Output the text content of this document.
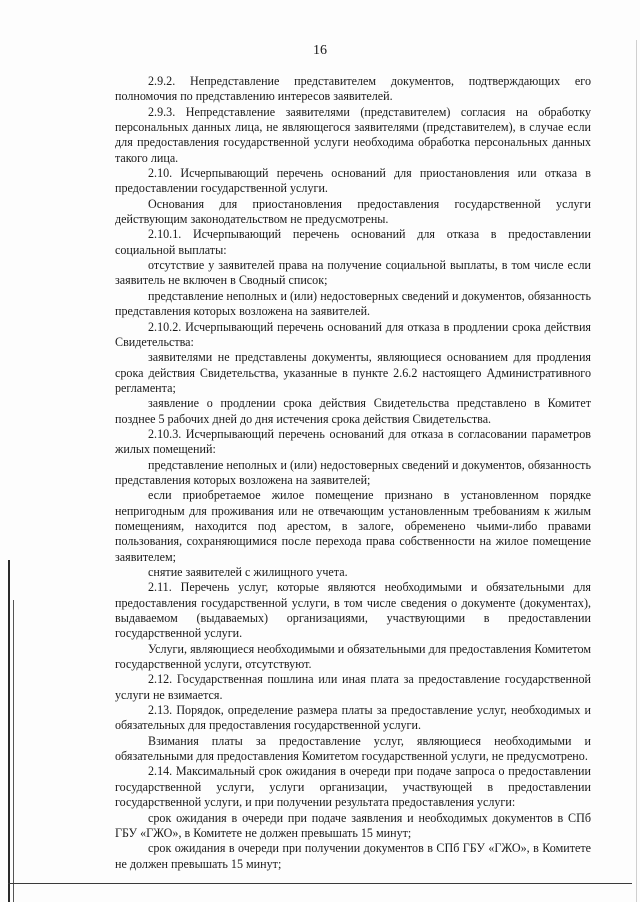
16

2.9.2. Непредставление представителем документов, подтверждающих его полномочия по представлению интересов заявителей.

2.9.3. Непредставление заявителями (представителем) согласия на обработку персональных данных лица, не являющегося заявителями (представителем), в случае если для предоставления государственной услуги необходима обработка персональных данных такого лица.

2.10. Исчерпывающий перечень оснований для приостановления или отказа в предоставлении государственной услуги.

Основания для приостановления предоставления государственной услуги действующим законодательством не предусмотрены.

2.10.1. Исчерпывающий перечень оснований для отказа в предоставлении социальной выплаты:

отсутствие у заявителей права на получение социальной выплаты, в том числе если заявитель не включен в Сводный список;

представление неполных и (или) недостоверных сведений и документов, обязанность представления которых возложена на заявителей.

2.10.2. Исчерпывающий перечень оснований для отказа в продлении срока действия Свидетельства:

заявителями не представлены документы, являющиеся основанием для продления срока действия Свидетельства, указанные в пункте 2.6.2 настоящего Административного регламента;

заявление о продлении срока действия Свидетельства представлено в Комитет позднее 5 рабочих дней до дня истечения срока действия Свидетельства.

2.10.3. Исчерпывающий перечень оснований для отказа в согласовании параметров жилых помещений:

представление неполных и (или) недостоверных сведений и документов, обязанность представления которых возложена на заявителей;

если приобретаемое жилое помещение признано в установленном порядке непригодным для проживания или не отвечающим установленным требованиям к жилым помещениям, находится под арестом, в залоге, обременено чьими-либо правами пользования, сохраняющимися после перехода права собственности на жилое помещение заявителем;

снятие заявителей с жилищного учета.

2.11. Перечень услуг, которые являются необходимыми и обязательными для предоставления государственной услуги, в том числе сведения о документе (документах), выдаваемом (выдаваемых) организациями, участвующими в предоставлении государственной услуги.

Услуги, являющиеся необходимыми и обязательными для предоставления Комитетом государственной услуги, отсутствуют.

2.12. Государственная пошлина или иная плата за предоставление государственной услуги не взимается.

2.13. Порядок, определение размера платы за предоставление услуг, необходимых и обязательных для предоставления государственной услуги.

Взимания платы за предоставление услуг, являющиеся необходимыми и обязательными для предоставления Комитетом государственной услуги, не предусмотрено.

2.14. Максимальный срок ожидания в очереди при подаче запроса о предоставлении государственной услуги, услуги организации, участвующей в предоставлении государственной услуги, и при получении результата предоставления услуги:

срок ожидания в очереди при подаче заявления и необходимых документов в СПб ГБУ «ГЖО», в Комитете не должен превышать 15 минут;

срок ожидания в очереди при получении документов в СПб ГБУ «ГЖО», в Комитете не должен превышать 15 минут;
